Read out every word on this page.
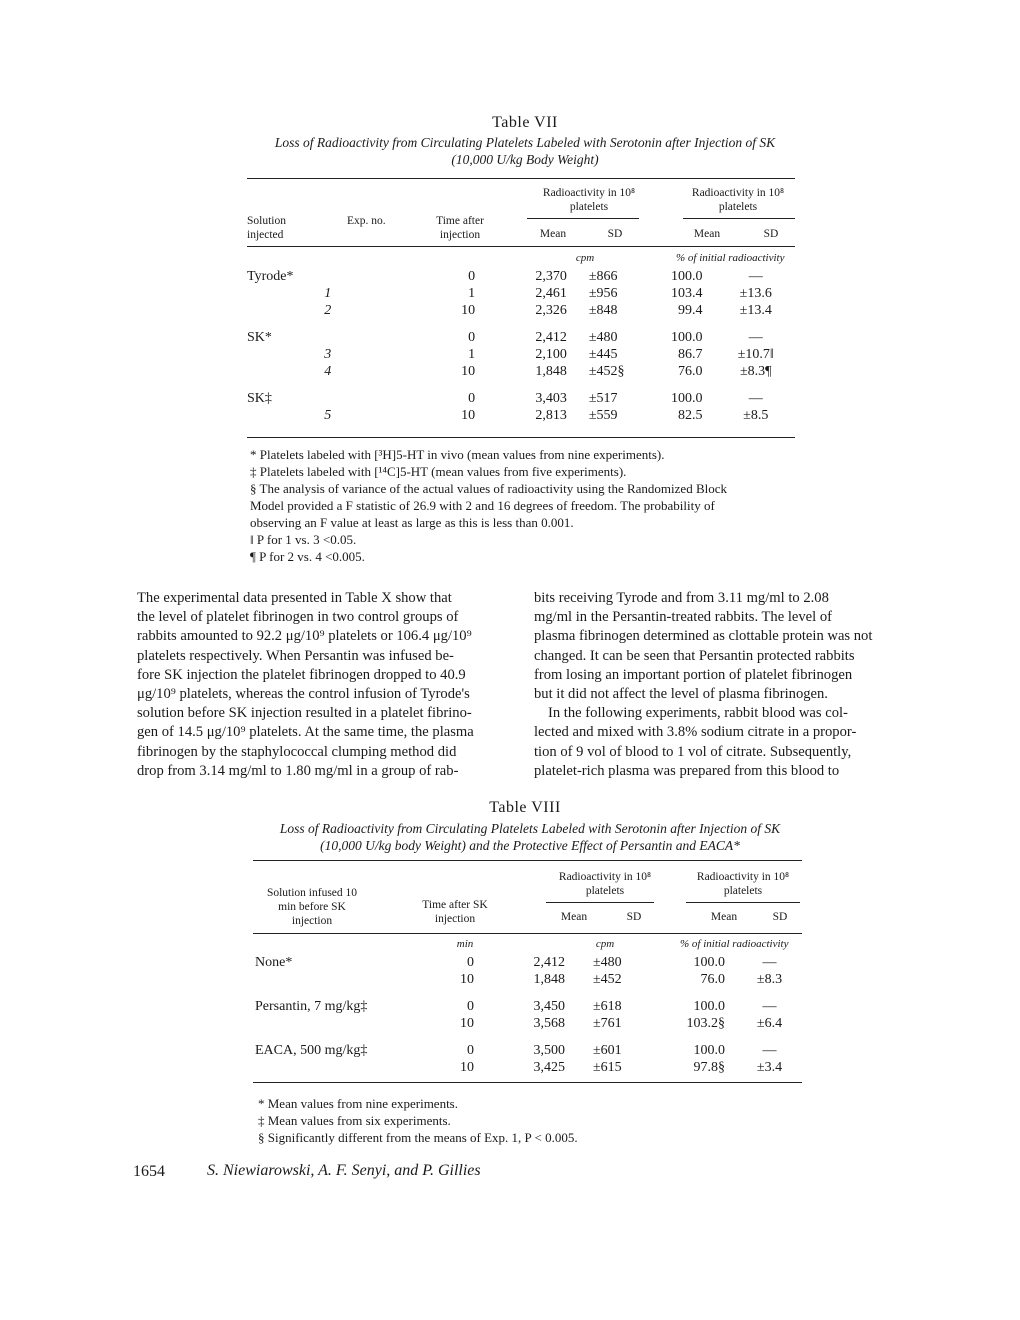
Table VII
Loss of Radioactivity from Circulating Platelets Labeled with Serotonin after Injection of SK
(10,000 U/kg Body Weight)
Radioactivity in 10⁸ platelets
Radioactivity in 10⁸ platelets
Solution injected
Exp. no.	Time after injection	Mean	SD	Mean	SD
cpm	% of initial radioactivity
Tyrode*		0	2,370	±866	100.0	—
	1	1	2,461	±956	103.4	±13.6
	2	10	2,326	±848	99.4	±13.4

SK*		0	2,412	±480	100.0	—
	3	1	2,100	±445	86.7	±10.7‖
	4	10	1,848	±452§	76.0	±8.3¶

SK‡		0	3,403	±517	100.0	—
	5	10	2,813	±559	82.5	±8.5
* Platelets labeled with [³H]5-HT in vivo (mean values from nine experiments).
‡ Platelets labeled with [¹⁴C]5-HT (mean values from five experiments).
§ The analysis of variance of the actual values of radioactivity using the Randomized Block
Model provided a F statistic of 26.9 with 2 and 16 degrees of freedom. The probability of
observing an F value at least as large as this is less than 0.001.
‖ P for 1 vs. 3 <0.05.
¶ P for 2 vs. 4 <0.005.
The experimental data presented in Table X show that
the level of platelet fibrinogen in two control groups of
rabbits amounted to 92.2 μg/10⁹ platelets or 106.4 μg/10⁹
platelets respectively. When Persantin was infused be-
fore SK injection the platelet fibrinogen dropped to 40.9
μg/10⁹ platelets, whereas the control infusion of Tyrode's
solution before SK injection resulted in a platelet fibrino-
gen of 14.5 μg/10⁹ platelets. At the same time, the plasma
fibrinogen by the staphylococcal clumping method did
drop from 3.14 mg/ml to 1.80 mg/ml in a group of rab-
bits receiving Tyrode and from 3.11 mg/ml to 2.08
mg/ml in the Persantin-treated rabbits. The level of
plasma fibrinogen determined as clottable protein was not
changed. It can be seen that Persantin protected rabbits
from losing an important portion of platelet fibrinogen
but it did not affect the level of plasma fibrinogen.
In the following experiments, rabbit blood was col-
lected and mixed with 3.8% sodium citrate in a propor-
tion of 9 vol of blood to 1 vol of citrate. Subsequently,
platelet-rich plasma was prepared from this blood to
Table VIII
Loss of Radioactivity from Circulating Platelets Labeled with Serotonin after Injection of SK
(10,000 U/kg body Weight) and the Protective Effect of Persantin and EACA*
Radioactivity in 10⁸ platelets
Radioactivity in 10⁸ platelets
Solution infused 10 min before SK injection
Time after SK injection	Mean	SD	Mean	SD
min	cpm	% of initial radioactivity
None*	0	2,412	±480	100.0	—
	10	1,848	±452	76.0	±8.3

Persantin, 7 mg/kg‡	0	3,450	±618	100.0	—
	10	3,568	±761	103.2§	±6.4

EACA, 500 mg/kg‡	0	3,500	±601	100.0	—
	10	3,425	±615	97.8§	±3.4
* Mean values from nine experiments.
‡ Mean values from six experiments.
§ Significantly different from the means of Exp. 1, P < 0.005.
1654	S. Niewiarowski, A. F. Senyi, and P. Gillies
